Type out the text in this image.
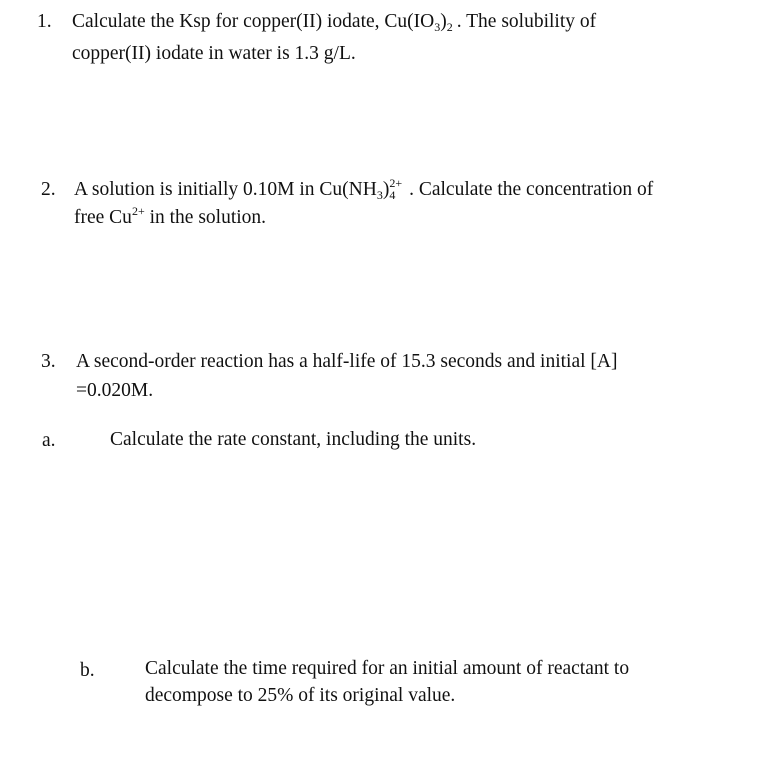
1. Calculate the Ksp for copper(II) iodate, $Cu(IO_3)_2$ . The solubility of
copper(II) iodate in water is 1.3 g/L.
2. A solution is initially 0.10M in $Cu(NH_3)_4^{2+}$ . Calculate the concentration of
free $Cu^{2+}$ in the solution.
3. A second-order reaction has a half-life of 15.3 seconds and initial [A]
=0.020M.
a.	Calculate the rate constant, including the units.
b.	Calculate the time required for an initial amount of reactant to
decompose to 25% of its original value.
